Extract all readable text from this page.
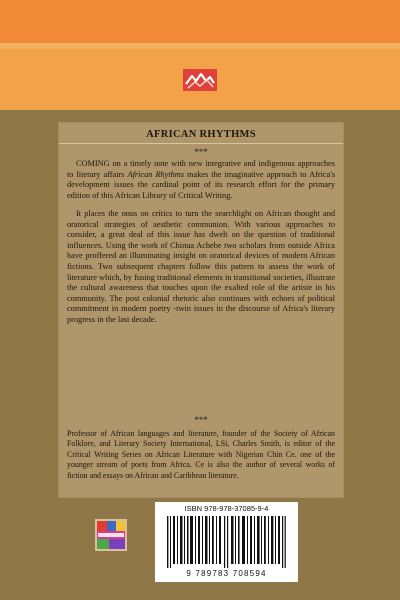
AFRICAN RHYTHMS
***

COMING on a timely note with new integrative and indigenous approaches to literary affairs African Rhythms makes the imaginative approach to Africa's development issues the cardinal point of its research effort for the primary edition of this African Library of Critical Writing.

It places the onus on critics to turn the searchlight on African thought and oratorical strategies of aesthetic communion. With various approaches to consider, a great deal of this issue has dwelt on the question of traditional influences. Using the work of Chinua Achebe two scholars from outside Africa have proffered an illuminating insight on oratorical devices of modern African fictions. Two subsequent chapters follow this pattern to assess the work of literature which, by fusing traditional elements in transitional societies, illustrate the cultural awareness that touches upon the exalted role of the artiste in his community. The post colonial rhetoric also continues with echoes of political commitment in modern poetry -twin issues in the discourse of Africa's literary progress in the last decade.

***

Professor of African languages and literature, founder of the Society of African Folklore, and Literary Society International, LSi, Charles Smith, is editor of the Critical Writing Series on African Literature with Nigerian Chin Ce. one of the younger stream of poets from Africa. Ce is also the author of several works of fiction and essays on African and Caribbean literature.

ISBN 978-978-37085-9-4
9 789783 708594
